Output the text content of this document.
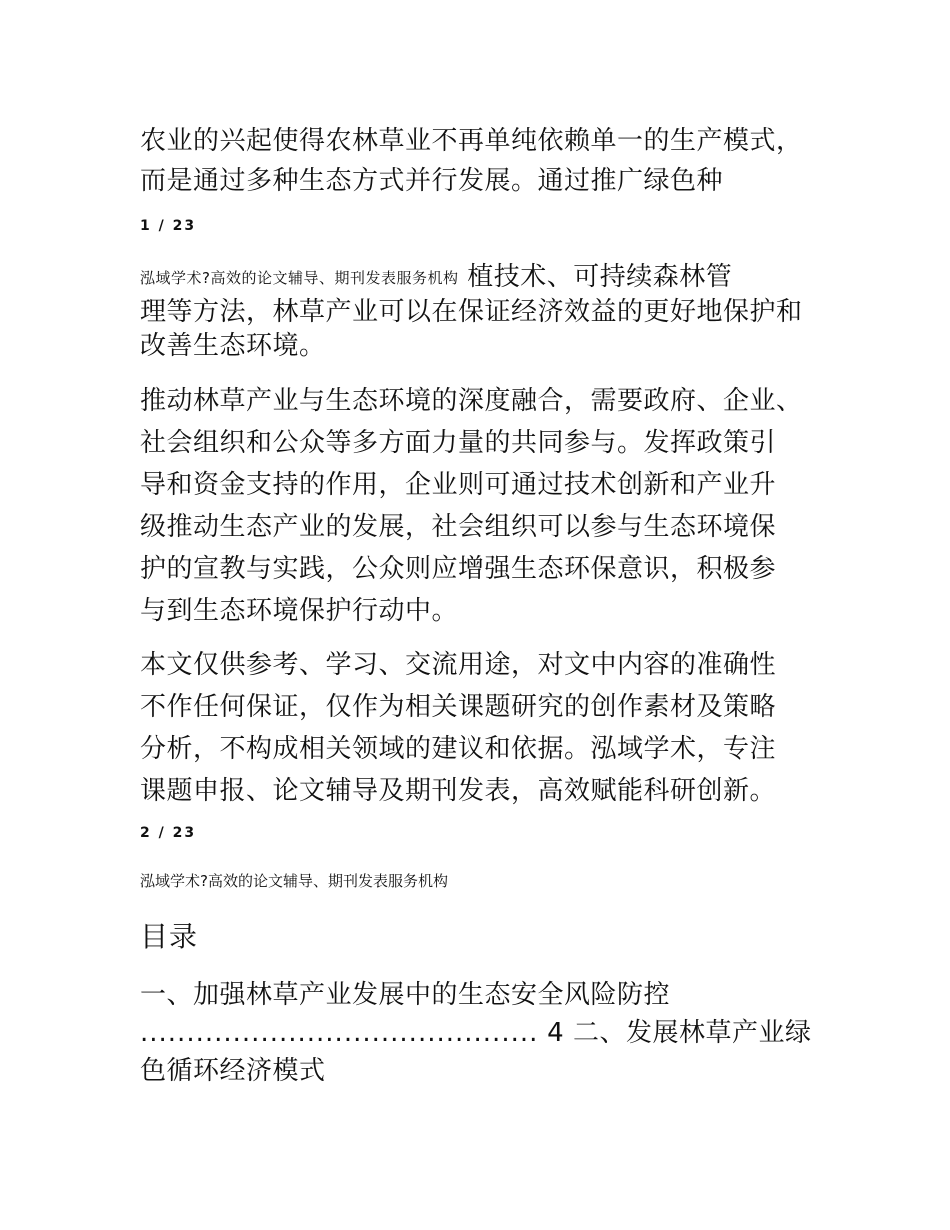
农业的兴起使得农林草业不再单纯依赖单一的生产模式，
而是通过多种生态方式并行发展。通过推广绿色种
1 / 23
泓域学术?高效的论文辅导、期刊发表服务机构 植技术、可持续森林管
理等方法，林草产业可以在保证经济效益的更好地保护和
改善生态环境。
推动林草产业与生态环境的深度融合，需要政府、企业、
社会组织和公众等多方面力量的共同参与。发挥政策引
导和资金支持的作用，企业则可通过技术创新和产业升
级推动生态产业的发展，社会组织可以参与生态环境保
护的宣教与实践，公众则应增强生态环保意识，积极参
与到生态环境保护行动中。
本文仅供参考、学习、交流用途，对文中内容的准确性
不作任何保证，仅作为相关课题研究的创作素材及策略
分析，不构成相关领域的建议和依据。泓域学术，专注
课题申报、论文辅导及期刊发表，高效赋能科研创新。
2 / 23
泓域学术?高效的论文辅导、期刊发表服务机构
目录
一、加强林草产业发展中的生态安全风险防控
........................................... 4 二、发展林草产业绿
色循环经济模式
